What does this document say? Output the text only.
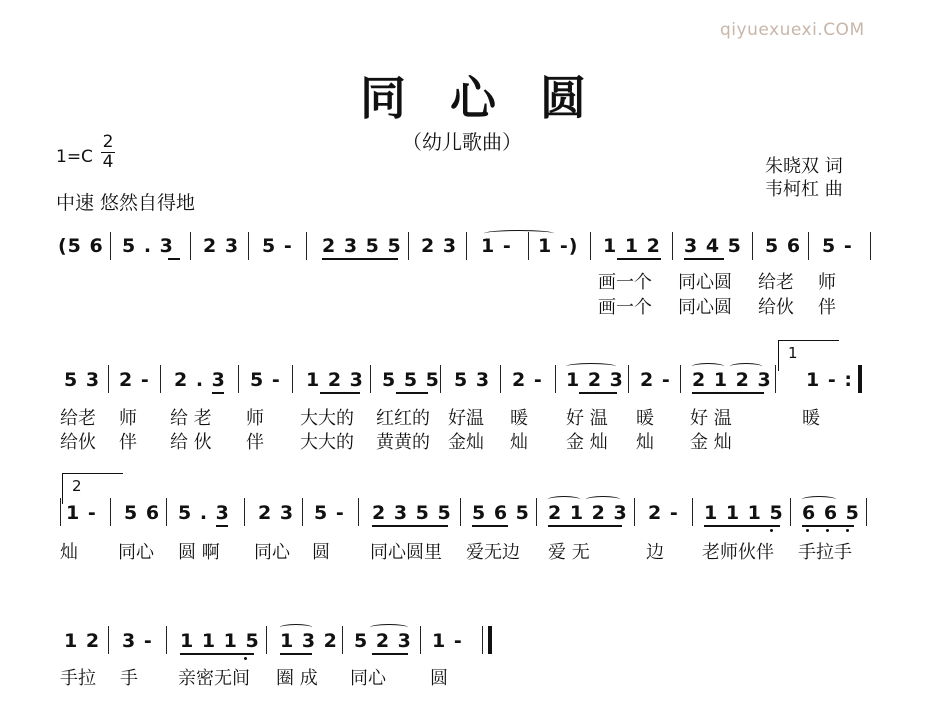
qiyuexuexi.COM
同 心 圆
（幼儿歌曲）
1=C
2
4
中速 悠然自得地
朱晓双 词
韦柯杠 曲
(5 6 5 . 3 2 3 5 - 2 3 5 5 2 3 1 - 1 -) 1 1 2 3 4 5 5 6 5 -
画一个 同心圆 给老 师
画一个 同心圆 给伙 伴
1
5 3 2 - 2 . 3 5 - 1 2 3 5 5 5 5 3 2 - 1 2 3 2 - 2 1 2 3 1 - :
给老 师 给 老 师 大大的 红红的 好温 暖 好 温 暖 好 温	暖
给伙 伴 给 伙 伴 大大的 黄黄的 金灿 灿 金 灿 灿 金 灿
2
1 - 5 6 5 . 3 2 3 5 - 2 3 5 5 5 6 5 2 1 2 3 2 - 1 1 1 5 6 6 5
灿 同心 圆 啊 同心 圆 同心圆里 爱无边 爱 无	边 老师伙伴 手拉手
1 2 3 - 1 1 1 5 1 3 2 5 2 3 1 -
手拉 手 亲密无间 圈 成 同心 圆
